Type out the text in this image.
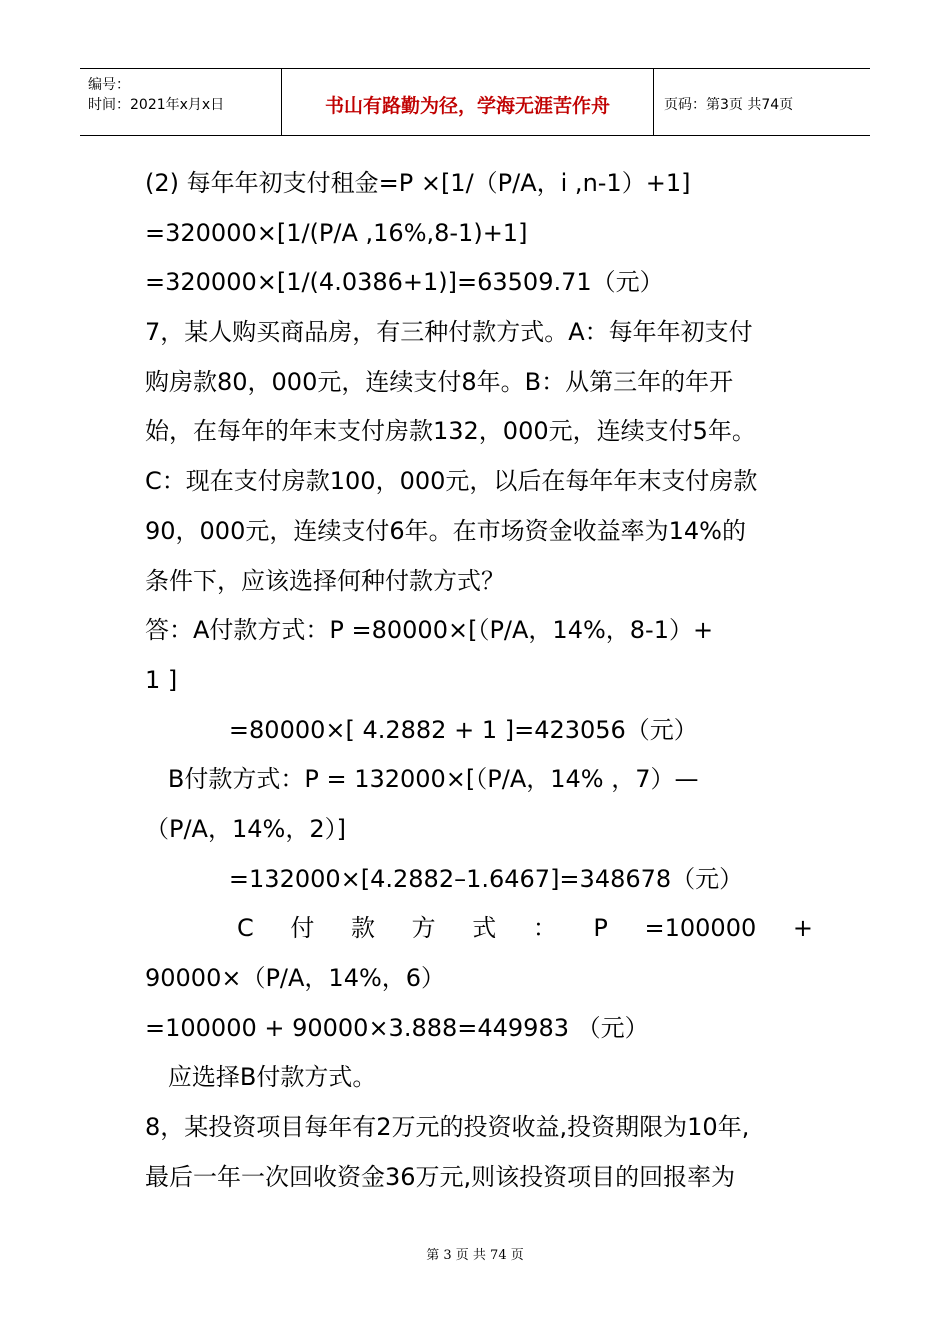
编号：
时间：2021年x月x日	书山有路勤为径，学海无涯苦作舟	页码：第3页 共74页
(2) 每年年初支付租金=P ×[1/（P/A，i ,n-1）+1]
=320000×[1/(P/A ,16%,8-1)+1]
=320000×[1/(4.0386+1)]=63509.71（元）
7，某人购买商品房，有三种付款方式。A：每年年初支付
购房款80，000元，连续支付8年。B：从第三年的年开
始，在每年的年末支付房款132，000元，连续支付5年。
C：现在支付房款100，000元，以后在每年年末支付房款
90，000元，连续支付6年。在市场资金收益率为14%的
条件下，应该选择何种付款方式？
答：A付款方式：P =80000×[（P/A，14%，8-1）+
1 ]
=80000×[ 4.2882 + 1 ]=423056（元）
B付款方式：P = 132000×[（P/A，14% ，7）—
（P/A，14%，2）]
=132000×[4.2882–1.6467]=348678（元）
C 付 款 方 式 ： P =100000 +
90000×（P/A，14%，6）
=100000 + 90000×3.888=449983 （元）
应选择B付款方式。
8，某投资项目每年有2万元的投资收益,投资期限为10年,
最后一年一次回收资金36万元,则该投资项目的回报率为
第 3 页 共 74 页
